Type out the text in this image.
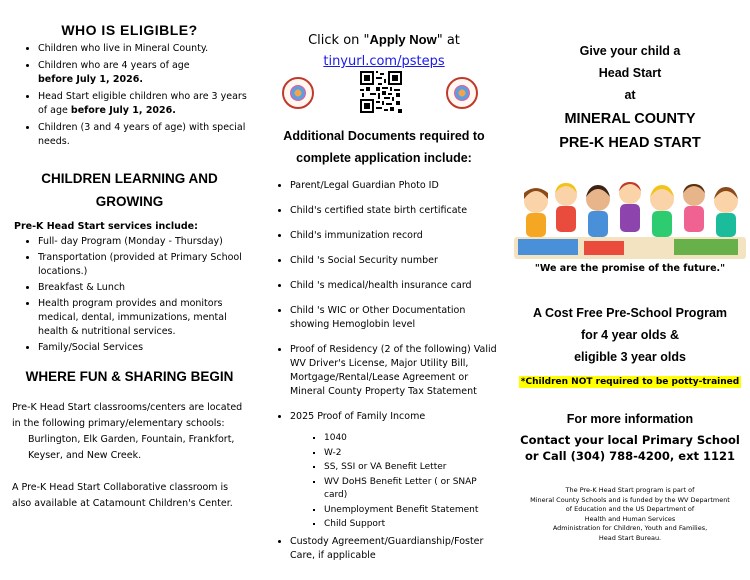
WHO IS ELIGIBLE?
• Children who live in Mineral County.
• Children who are 4 years of age
before July 1, 2026.
• Head Start eligible children who are 3 years of age before July 1, 2026.
• Children (3 and 4 years of age) with special needs.
CHILDREN LEARNING AND GROWING
Pre-K Head Start services include:
• Full- day Program (Monday - Thursday)
• Transportation (provided at Primary School locations.)
• Breakfast & Lunch
• Health program provides and monitors medical, dental, immunizations, mental health & nutritional services.
• Family/Social Services
WHERE FUN & SHARING BEGIN

Pre-K Head Start classrooms/centers are located in the following primary/elementary schools:
Burlington, Elk Garden, Fountain, Frankfort, Keyser, and New Creek.

A Pre-K Head Start Collaborative classroom is also available at Catamount Children's Center.

Click on "Apply Now" at
tinyurl.com/psteps
Additional Documents required to complete application include:
• Parent/Legal Guardian Photo ID
• Child's certified state birth certificate
• Child's immunization record
• Child 's Social Security number
• Child 's medical/health insurance card
• Child 's WIC or Other Documentation showing Hemoglobin level
• Proof of Residency (2 of the following) Valid WV Driver's License, Major Utility Bill, Mortgage/Rental/Lease Agreement or Mineral County Property Tax Statement
• 2025 Proof of Family Income
▪ 1040
▪ W-2
▪ SS, SSI or VA Benefit Letter
▪ WV DoHS Benefit Letter ( or SNAP card)
▪ Unemployment Benefit Statement
▪ Child Support
• Custody Agreement/Guardianship/Foster Care, if applicable
Give your child a
Head Start
at
MINERAL COUNTY
PRE-K HEAD START
"We are the promise of the future."
A Cost Free Pre-School Program
for 4 year olds &
eligible 3 year olds
*Children NOT required to be potty-trained
For more information
Contact your local Primary School
or Call (304) 788-4200, ext 1121
The Pre-K Head Start program is part of
Mineral County Schools and is funded by the WV Department
of Education and the US Department of
Health and Human Services
Administration for Children, Youth and Families,
Head Start Bureau.
